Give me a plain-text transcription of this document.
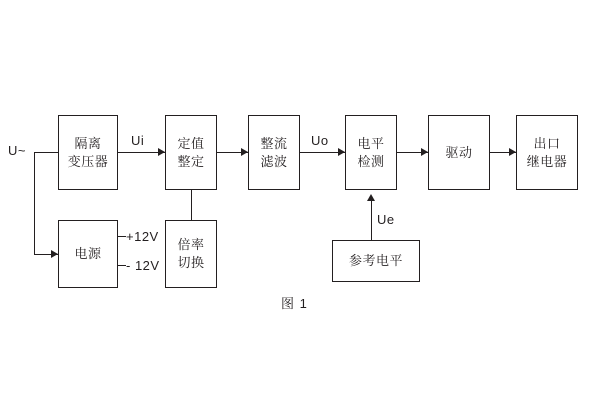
隔离
变压器
定值
整定
整流
滤波
电平
检测
驱动
出口
继电器
电源
倍率
切换	参考电平
U~
Ui	Uo
Ue
+12V
- 12V
图 1
